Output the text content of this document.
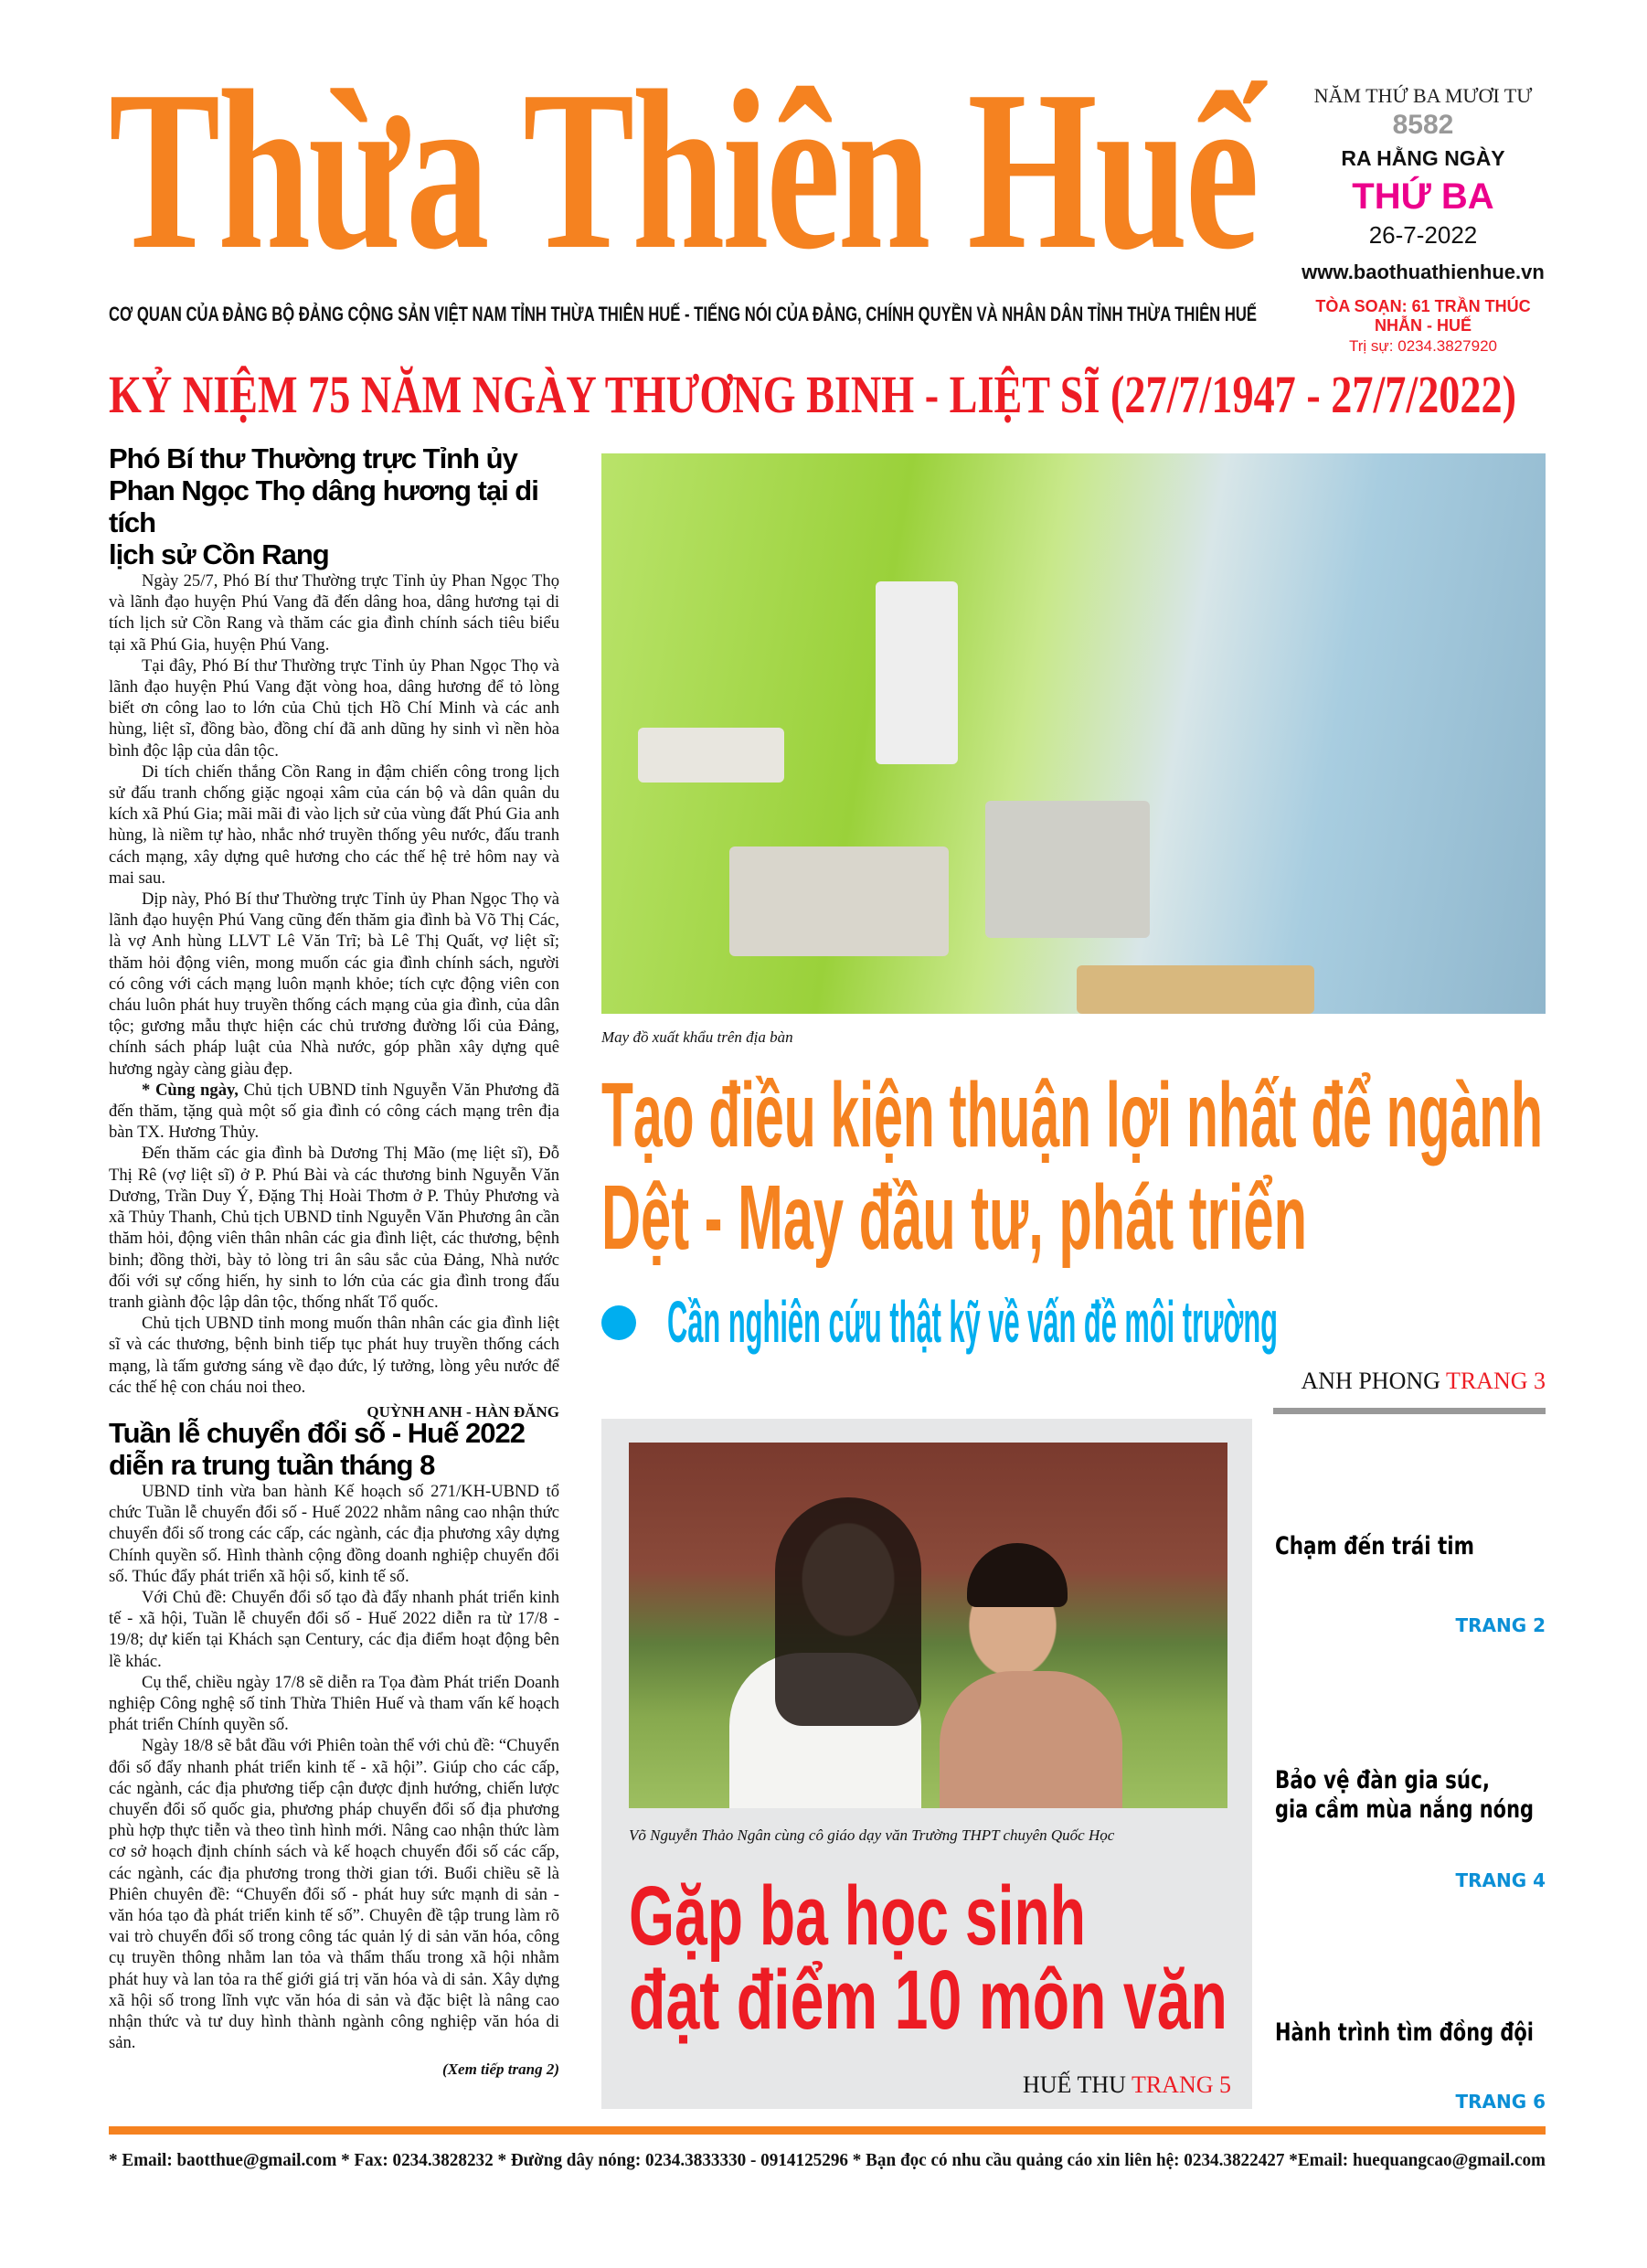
Thừa Thiên Huế	NĂM THỨ BA MƯƠI TƯ
8582
RA HẰNG NGÀY
THỨ BA
26-7-2022
www.baothuathienhue.vn
TÒA SOẠN: 61 TRẦN THÚC NHẪN - HUẾ
Trị sự: 0234.3827920
CƠ QUAN CỦA ĐẢNG BỘ ĐẢNG CỘNG SẢN VIỆT NAM TỈNH THỪA THIÊN HUẾ - TIẾNG NÓI CỦA ĐẢNG, CHÍNH QUYỀN VÀ NHÂN DÂN TỈNH THỪA THIÊN HUẾ
KỶ NIỆM 75 NĂM NGÀY THƯƠNG BINH - LIỆT SĨ (27/7/1947 - 27/7/2022)
Phó Bí thư Thường trực Tỉnh ủy
Phan Ngọc Thọ dâng hương tại di tích
lịch sử Cồn Rang

Ngày 25/7, Phó Bí thư Thường trực Tỉnh ủy Phan Ngọc Thọ và lãnh đạo huyện Phú Vang đã đến dâng hoa, dâng hương tại di tích lịch sử Cồn Rang và thăm các gia đình chính sách tiêu biểu tại xã Phú Gia, huyện Phú Vang.

Tại đây, Phó Bí thư Thường trực Tỉnh ủy Phan Ngọc Thọ và lãnh đạo huyện Phú Vang đặt vòng hoa, dâng hương để tỏ lòng biết ơn công lao to lớn của Chủ tịch Hồ Chí Minh và các anh hùng, liệt sĩ, đồng bào, đồng chí đã anh dũng hy sinh vì nền hòa bình độc lập của dân tộc.

Di tích chiến thắng Cồn Rang in đậm chiến công trong lịch sử đấu tranh chống giặc ngoại xâm của cán bộ và dân quân du kích xã Phú Gia; mãi mãi đi vào lịch sử của vùng đất Phú Gia anh hùng, là niềm tự hào, nhắc nhớ truyền thống yêu nước, đấu tranh cách mạng, xây dựng quê hương cho các thế hệ trẻ hôm nay và mai sau.

Dịp này, Phó Bí thư Thường trực Tỉnh ủy Phan Ngọc Thọ và lãnh đạo huyện Phú Vang cũng đến thăm gia đình bà Võ Thị Các, là vợ Anh hùng LLVT Lê Văn Trĩ; bà Lê Thị Quất, vợ liệt sĩ; thăm hỏi động viên, mong muốn các gia đình chính sách, người có công với cách mạng luôn mạnh khỏe; tích cực động viên con cháu luôn phát huy truyền thống cách mạng của gia đình, của dân tộc; gương mẫu thực hiện các chủ trương đường lối của Đảng, chính sách pháp luật của Nhà nước, góp phần xây dựng quê hương ngày càng giàu đẹp.

* Cùng ngày, Chủ tịch UBND tỉnh Nguyễn Văn Phương đã đến thăm, tặng quà một số gia đình có công cách mạng trên địa bàn TX. Hương Thủy.

Đến thăm các gia đình bà Dương Thị Mão (mẹ liệt sĩ), Đỗ Thị Rê (vợ liệt sĩ) ở P. Phú Bài và các thương binh Nguyễn Văn Dương, Trần Duy Ý, Đặng Thị Hoài Thơm ở P. Thủy Phương và xã Thủy Thanh, Chủ tịch UBND tỉnh Nguyễn Văn Phương ân cần thăm hỏi, động viên thân nhân các gia đình liệt, các thương, bệnh binh; đồng thời, bày tỏ lòng tri ân sâu sắc của Đảng, Nhà nước đối với sự cống hiến, hy sinh to lớn của các gia đình trong đấu tranh giành độc lập dân tộc, thống nhất Tổ quốc.

Chủ tịch UBND tỉnh mong muốn thân nhân các gia đình liệt sĩ và các thương, bệnh binh tiếp tục phát huy truyền thống cách mạng, là tấm gương sáng về đạo đức, lý tưởng, lòng yêu nước để các thế hệ con cháu noi theo.

QUỲNH ANH - HÀN ĐĂNG
Tuần lễ chuyển đổi số - Huế 2022
diễn ra trung tuần tháng 8

UBND tỉnh vừa ban hành Kế hoạch số 271/KH-UBND tổ chức Tuần lễ chuyển đổi số - Huế 2022 nhằm nâng cao nhận thức chuyển đổi số trong các cấp, các ngành, các địa phương xây dựng Chính quyền số. Hình thành cộng đồng doanh nghiệp chuyển đổi số. Thúc đẩy phát triển xã hội số, kinh tế số.

Với Chủ đề: Chuyển đổi số tạo đà đẩy nhanh phát triển kinh tế - xã hội, Tuần lễ chuyển đổi số - Huế 2022 diễn ra từ 17/8 - 19/8; dự kiến tại Khách sạn Century, các địa điểm hoạt động bên lề khác.

Cụ thể, chiều ngày 17/8 sẽ diễn ra Tọa đàm Phát triển Doanh nghiệp Công nghệ số tỉnh Thừa Thiên Huế và tham vấn kế hoạch phát triển Chính quyền số.

Ngày 18/8 sẽ bắt đầu với Phiên toàn thể với chủ đề: “Chuyển đổi số đẩy nhanh phát triển kinh tế - xã hội”. Giúp cho các cấp, các ngành, các địa phương tiếp cận được định hướng, chiến lược chuyển đổi số quốc gia, phương pháp chuyển đổi số địa phương phù hợp thực tiễn và theo tình hình mới. Nâng cao nhận thức làm cơ sở hoạch định chính sách và kế hoạch chuyển đổi số các cấp, các ngành, các địa phương trong thời gian tới. Buổi chiều sẽ là Phiên chuyên đề: “Chuyển đổi số - phát huy sức mạnh di sản - văn hóa tạo đà phát triển kinh tế số”. Chuyên đề tập trung làm rõ vai trò chuyển đổi số trong công tác quản lý di sản văn hóa, công cụ truyền thông nhằm lan tỏa và thẩm thấu trong xã hội nhằm phát huy và lan tỏa ra thế giới giá trị văn hóa và di sản. Xây dựng xã hội số trong lĩnh vực văn hóa di sản và đặc biệt là nâng cao nhận thức và tư duy hình thành ngành công nghiệp văn hóa di sản.

(Xem tiếp trang 2)
May đồ xuất khẩu trên địa bàn
Tạo điều kiện thuận lợi nhất để ngành
Dệt - May đầu tư, phát triển
Cần nghiên cứu thật kỹ về vấn đề môi trường
ANH PHONG TRANG 3
Võ Nguyễn Thảo Ngân cùng cô giáo dạy văn Trường THPT chuyên Quốc Học
Gặp ba học sinh
đạt điểm 10 môn văn
HUẾ THU TRANG 5
Chạm đến trái tim
TRANG 2
Bảo vệ đàn gia súc,
gia cầm mùa nắng nóng
TRANG 4
Hành trình tìm đồng đội
TRANG 6
* Email: baotthue@gmail.com * Fax: 0234.3828232 * Đường dây nóng: 0234.3833330 - 0914125296 * Bạn đọc có nhu cầu quảng cáo xin liên hệ: 0234.3822427 *Email: huequangcao@gmail.com
